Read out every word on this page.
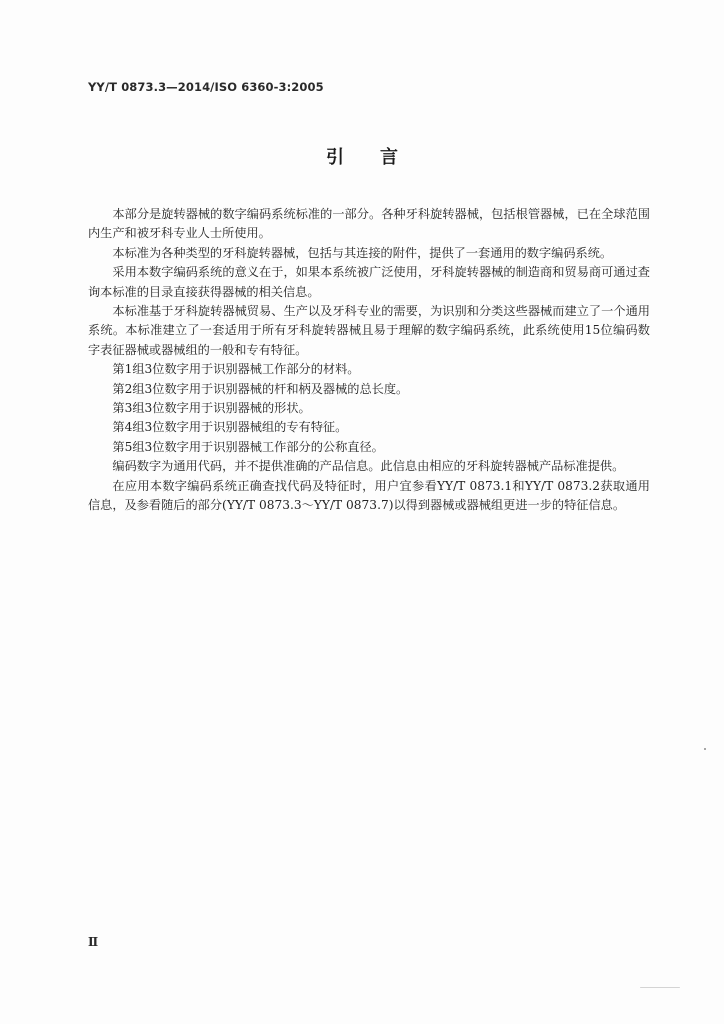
YY/T 0873.3—2014/ISO 6360-3:2005
引言

本部分是旋转器械的数字编码系统标准的一部分。各种牙科旋转器械，包括根管器械，已在全球范围内生产和被牙科专业人士所使用。

本标准为各种类型的牙科旋转器械，包括与其连接的附件，提供了一套通用的数字编码系统。

采用本数字编码系统的意义在于，如果本系统被广泛使用，牙科旋转器械的制造商和贸易商可通过查询本标准的目录直接获得器械的相关信息。

本标准基于牙科旋转器械贸易、生产以及牙科专业的需要，为识别和分类这些器械而建立了一个通用系统。本标准建立了一套适用于所有牙科旋转器械且易于理解的数字编码系统，此系统使用15位编码数字表征器械或器械组的一般和专有特征。

第1组3位数字用于识别器械工作部分的材料。

第2组3位数字用于识别器械的杆和柄及器械的总长度。

第3组3位数字用于识别器械的形状。

第4组3位数字用于识别器械组的专有特征。

第5组3位数字用于识别器械工作部分的公称直径。

编码数字为通用代码，并不提供准确的产品信息。此信息由相应的牙科旋转器械产品标准提供。

在应用本数字编码系统正确查找代码及特征时，用户宜参看YY/T 0873.1和YY/T 0873.2获取通用信息，及参看随后的部分(YY/T 0873.3～YY/T 0873.7)以得到器械或器械组更进一步的特征信息。

Ⅱ
